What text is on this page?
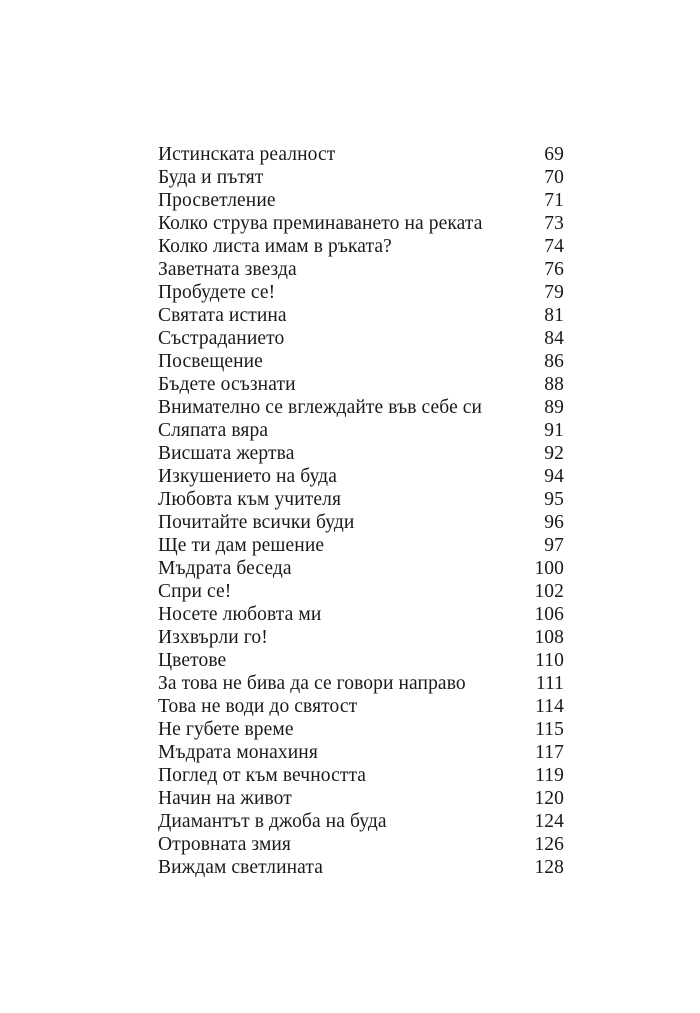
Истинската реалност	69
Буда и пътят	70
Просветление	71
Колко струва преминаването на реката	73
Колко листа имам в ръката?	74
Заветната звезда	76
Пробудете се!	79
Святата истина	81
Състраданието	84
Посвещение	86
Бъдете осъзнати	88
Внимателно се вглеждайте във себе си	89
Сляпата вяра	91
Висшата жертва	92
Изкушението на буда	94
Любовта към учителя	95
Почитайте всички буди	96
Ще ти дам решение	97
Мъдрата беседа	100
Спри се!	102
Носете любовта ми	106
Изхвърли го!	108
Цветове	110
За това не бива да се говори направо	111
Това не води до святост	114
Не губете време	115
Мъдрата монахиня	117
Поглед от към вечността	119
Начин на живот	120
Диамантът в джоба на буда	124
Отровната змия	126
Виждам светлината	128
